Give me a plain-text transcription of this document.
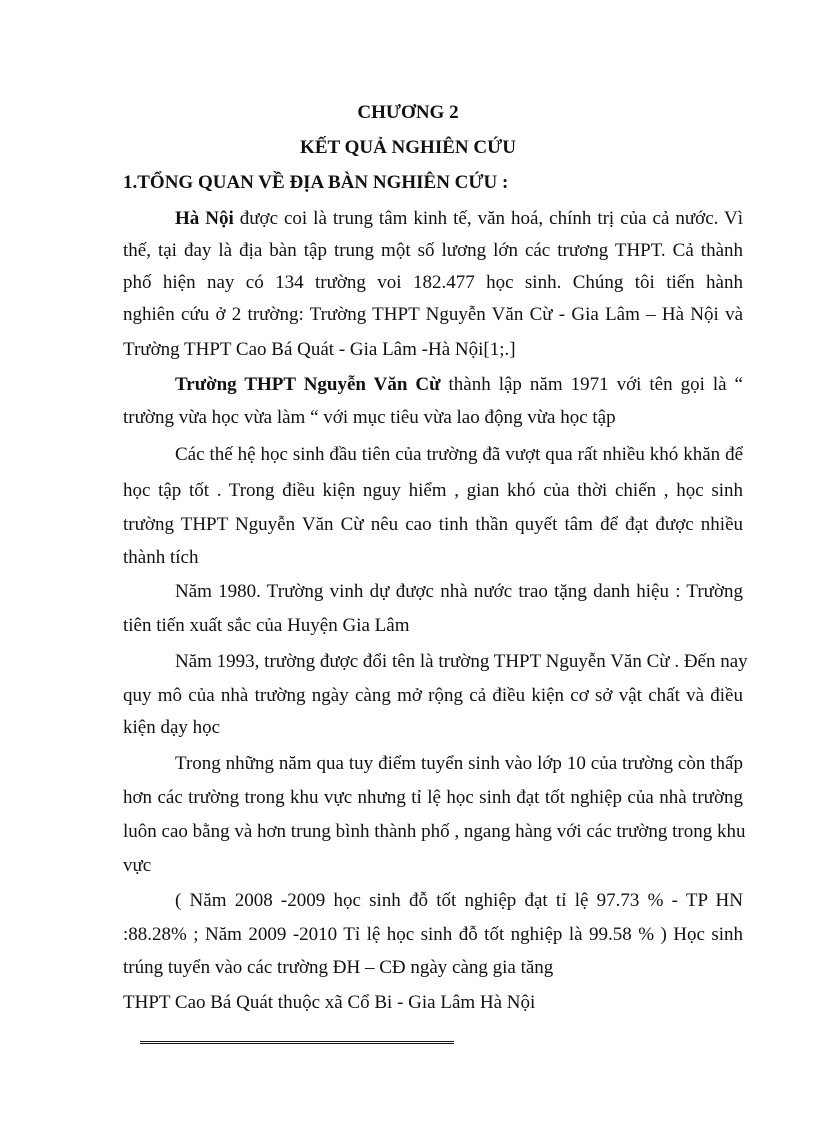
CHƯƠNG 2

KẾT QUẢ NGHIÊN CỨU

1.TỔNG QUAN VỀ ĐỊA BÀN NGHIÊN CỨU :

Hà Nội được coi là trung tâm kinh tế, văn hoá, chính trị của cả nước. Vì

thế, tại đay là địa bàn tập trung một số lương lớn các trương THPT. Cả thành

phố hiện nay có 134 trường voi 182.477 học sinh. Chúng tôi tiến hành

nghiên cứu ở 2 trường: Trường THPT Nguyễn Văn Cừ - Gia Lâm – Hà Nội và

Trường THPT Cao Bá Quát - Gia Lâm -Hà Nội[1;.]

Trường THPT Nguyễn Văn Cừ thành lập năm 1971 với tên gọi là “

trường vừa học vừa làm “ với mục tiêu vừa lao động vừa học tập

Các thế hệ học sinh đầu tiên của trường đã vượt qua rất nhiều khó khăn để

học tập tốt . Trong điều kiện nguy hiểm , gian khó của thời chiến , học sinh

trường THPT Nguyễn Văn Cừ nêu cao tinh thần quyết tâm để đạt được nhiều

thành tích

Năm 1980. Trường vinh dự được nhà nước trao tặng danh hiệu : Trường

tiên tiến xuất sắc của Huyện Gia Lâm

Năm 1993, trường được đổi tên là trường THPT Nguyễn Văn Cừ . Đến nay

quy mô của nhà trường ngày càng mở rộng cả điều kiện cơ sở vật chất và điều

kiện dạy học

Trong những năm qua tuy điểm tuyển sinh vào lớp 10 của trường còn thấp

hơn các trường trong khu vực nhưng tỉ lệ học sinh đạt tốt nghiệp của nhà trường

luôn cao bằng và hơn trung bình thành phố , ngang hàng với các trường trong khu

vực

( Năm 2008 -2009 học sinh đỗ tốt nghiệp đạt tỉ lệ 97.73 % - TP HN

:88.28% ; Năm 2009 -2010 Tỉ lệ học sinh đỗ tốt nghiệp là 99.58 % ) Học sinh

trúng tuyển vào các trường ĐH – CĐ ngày càng gia tăng

THPT Cao Bá Quát thuộc xã Cổ Bi - Gia Lâm Hà Nội
